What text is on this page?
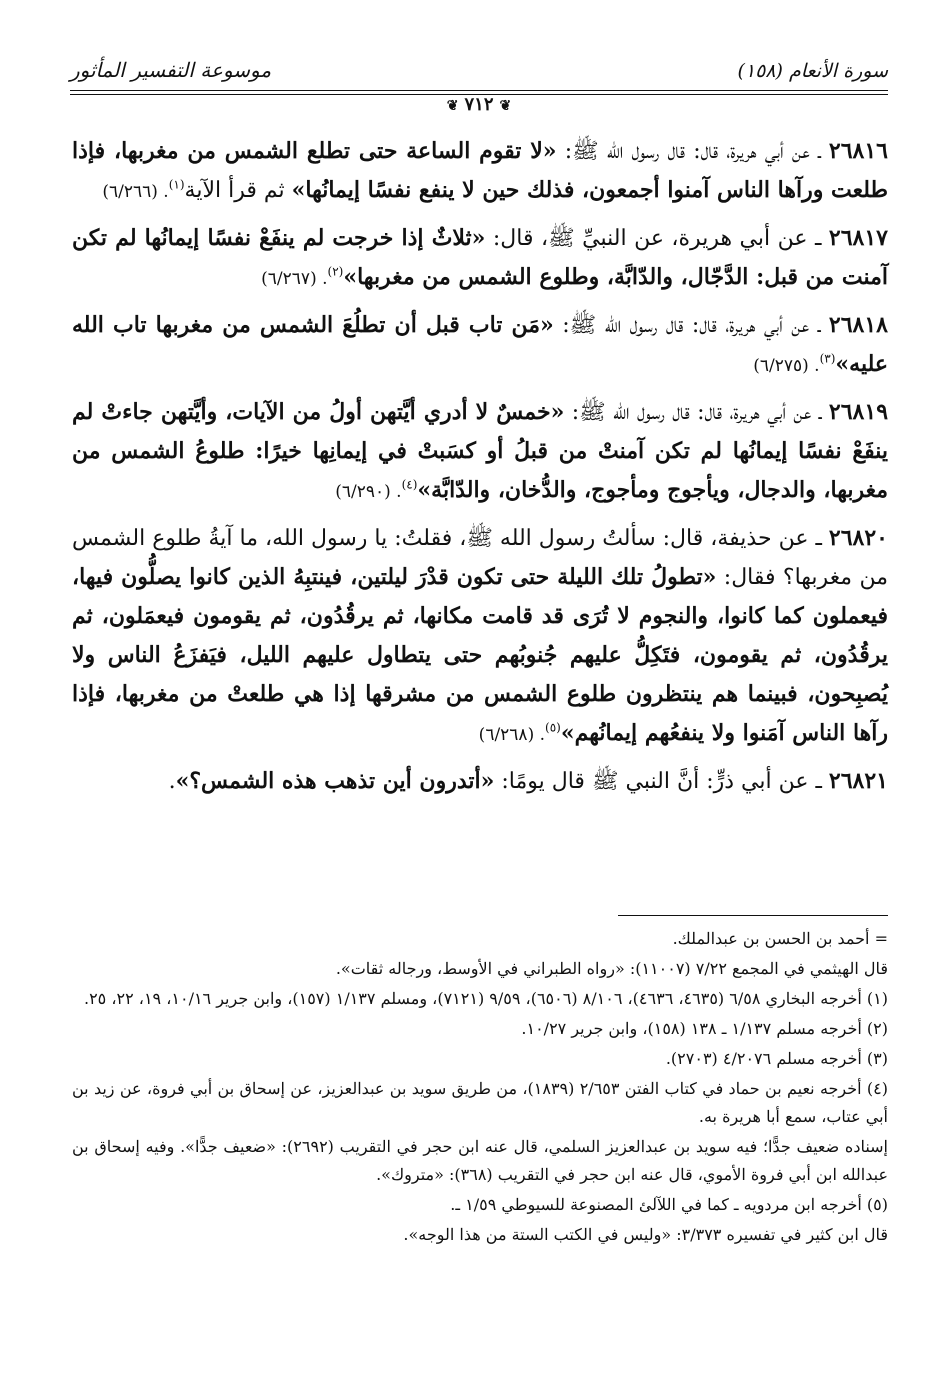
سورة الأنعام (١٥٨)
موسوعة التفسير المأثور
❦٧١٢❦

٢٦٨١٦ ـ عن أبي هريرة، قال: قال رسول الله ﷺ: «لا تقوم الساعة حتى تطلع الشمس من مغربها، فإذا طلعت ورآها الناس آمنوا أجمعون، فذلك حين لا ينفع نفسًا إيمانُها» ثم قرأ الآية$^{(١)}$. (٦/٢٦٦)

٢٦٨١٧ ـ عن أبي هريرة، عن النبيِّ ﷺ، قال: «ثلاثٌ إذا خرجت لم ينفَعْ نفسًا إيمانُها لم تكن آمنت من قبل: الدَّجّال، والدّابَّة، وطلوع الشمس من مغربها»$^{(٢)}$. (٦/٢٦٧)

٢٦٨١٨ ـ عن أبي هريرة، قال: قال رسول الله ﷺ: «مَن تاب قبل أن تطلُعَ الشمس من مغربها تاب الله عليه»$^{(٣)}$. (٦/٢٧٥)

٢٦٨١٩ ـ عن أبي هريرة، قال: قال رسول الله ﷺ: «خمسٌ لا أدري أيَّتهن أولُ من الآيات، وأيَّتهن جاءتْ لم ينفَعْ نفسًا إيمانُها لم تكن آمنتْ من قبلُ أو كسَبتْ في إيمانِها خيرًا: طلوعُ الشمس من مغربها، والدجال، ويأجوج ومأجوج، والدُّخان، والدّابَّة»$^{(٤)}$. (٦/٢٩٠)

٢٦٨٢٠ ـ عن حذيفة، قال: سألتُ رسول الله ﷺ، فقلتُ: يا رسول الله، ما آيةُ طلوع الشمس من مغربها؟ فقال: «تطولُ تلك الليلة حتى تكون قدْرَ ليلتين، فينتبِهُ الذين كانوا يصلُّون فيها، فيعملون كما كانوا، والنجوم لا تُرَى قد قامت مكانها، ثم يرقُدُون، ثم يقومون فيعمَلون، ثم يرقُدُون، ثم يقومون، فتَكِلُّ عليهم جُنوبُهم حتى يتطاول عليهم الليل، فيَفزَعُ الناس ولا يُصبِحون، فبينما هم ينتظرون طلوع الشمس من مشرقها إذا هي طلعتْ من مغربها، فإذا رآها الناس آمَنوا ولا ينفعُهم إيمانُهم»$^{(٥)}$. (٦/٢٦٨)

٢٦٨٢١ ـ عن أبي ذرٍّ: أنَّ النبي ﷺ قال يومًا: «أتدرون أين تذهب هذه الشمس؟».

= أحمد بن الحسن بن عبدالملك.

قال الهيثمي في المجمع ٧/٢٢ (١١٠٠٧): «رواه الطبراني في الأوسط، ورجاله ثقات».

(١) أخرجه البخاري ٦/٥٨ (٤٦٣٥، ٤٦٣٦)، ٨/١٠٦ (٦٥٠٦)، ٩/٥٩ (٧١٢١)، ومسلم ١/١٣٧ (١٥٧)، وابن جرير ١٠/١٦، ١٩، ٢٢، ٢٥.

(٢) أخرجه مسلم ١/١٣٧ ـ ١٣٨ (١٥٨)، وابن جرير ١٠/٢٧.

(٣) أخرجه مسلم ٤/٢٠٧٦ (٢٧٠٣).

(٤) أخرجه نعيم بن حماد في كتاب الفتن ٢/٦٥٣ (١٨٣٩)، من طريق سويد بن عبدالعزيز، عن إسحاق بن أبي فروة، عن زيد بن أبي عتاب، سمع أبا هريرة به.

إسناده ضعيف جدًّا؛ فيه سويد بن عبدالعزيز السلمي، قال عنه ابن حجر في التقريب (٢٦٩٢): «ضعيف جدًّا». وفيه إسحاق بن عبدالله ابن أبي فروة الأموي، قال عنه ابن حجر في التقريب (٣٦٨): «متروك».

(٥) أخرجه ابن مردويه ـ كما في اللآلئ المصنوعة للسيوطي ١/٥٩ ـ.

قال ابن كثير في تفسيره ٣/٣٧٣: «وليس في الكتب الستة من هذا الوجه».
